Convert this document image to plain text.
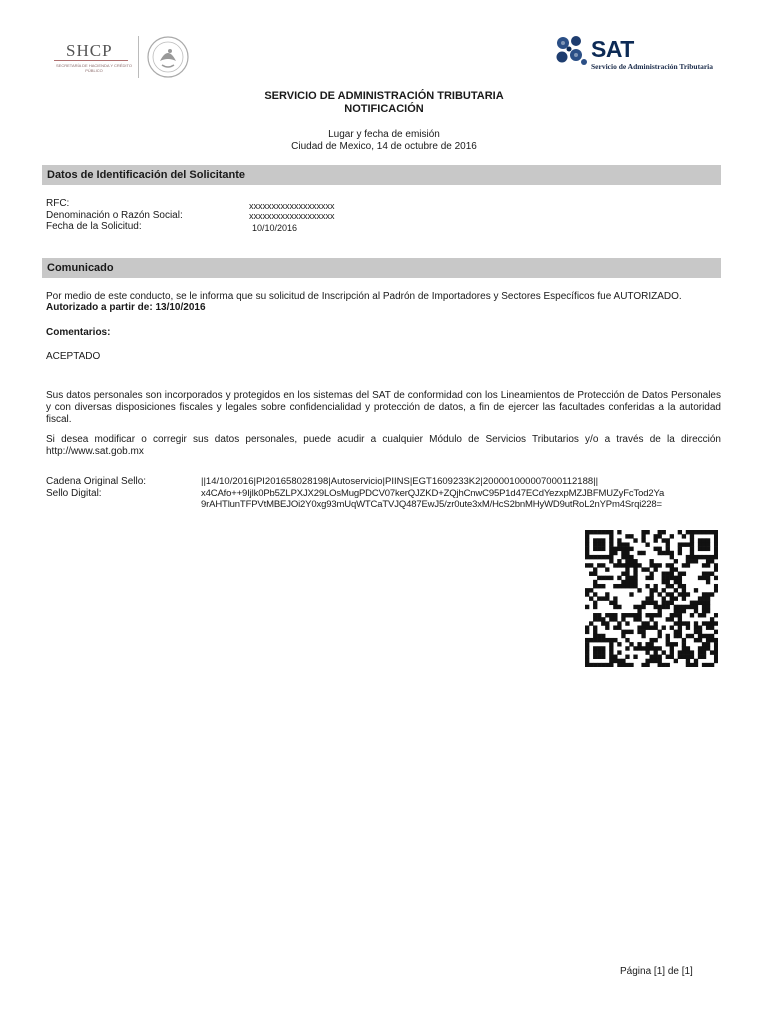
SHCP
SECRETARÍA DE HACIENDA Y CRÉDITO PÚBLICO
SAT
Servicio de Administración Tributaria
SERVICIO DE ADMINISTRACIÓN TRIBUTARIA
NOTIFICACIÓN
Lugar y fecha de emisión
Ciudad de Mexico, 14 de octubre de 2016
Datos de Identificación del Solicitante
RFC:	xxxxxxxxxxxxxxxxxxx
Denominación o Razón Social:	xxxxxxxxxxxxxxxxxxx
Fecha de la Solicitud:	10/10/2016
Comunicado
Por medio de este conducto, se le informa que su solicitud de Inscripción al Padrón de Importadores y Sectores Específicos fue AUTORIZADO.
Autorizado a partir de: 13/10/2016
Comentarios:
ACEPTADO
Sus datos personales son incorporados y protegidos en los sistemas del SAT de conformidad con los Lineamientos de Protección de Datos Personales y con diversas disposiciones fiscales y legales sobre confidencialidad y protección de datos, a fin de ejercer las facultades conferidas a la autoridad fiscal.
Si desea modificar o corregir sus datos personales, puede acudir a cualquier Módulo de Servicios Tributarios y/o a través de la dirección http://www.sat.gob.mx
Cadena Original Sello:	||14/10/2016|PI201658028198|Autoservicio|PIINS|EGT1609233K2|200001000007000112188||
Sello Digital:	x4CAfo++9Ijlk0Pb5ZLPXJX29LOsMugPDCV07kerQJZKD+ZQjhCnwC95P1d47ECdYezxpMZJBFMUZyFcTod2Ya
9rAHTlunTFPVtMBEJOi2Y0xg93mUqWTCaTVJQ487EwJ5/zr0ute3xM/HcS2bnMHyWD9utRoL2nYPm4Srqi228=
Página [1] de [1]
